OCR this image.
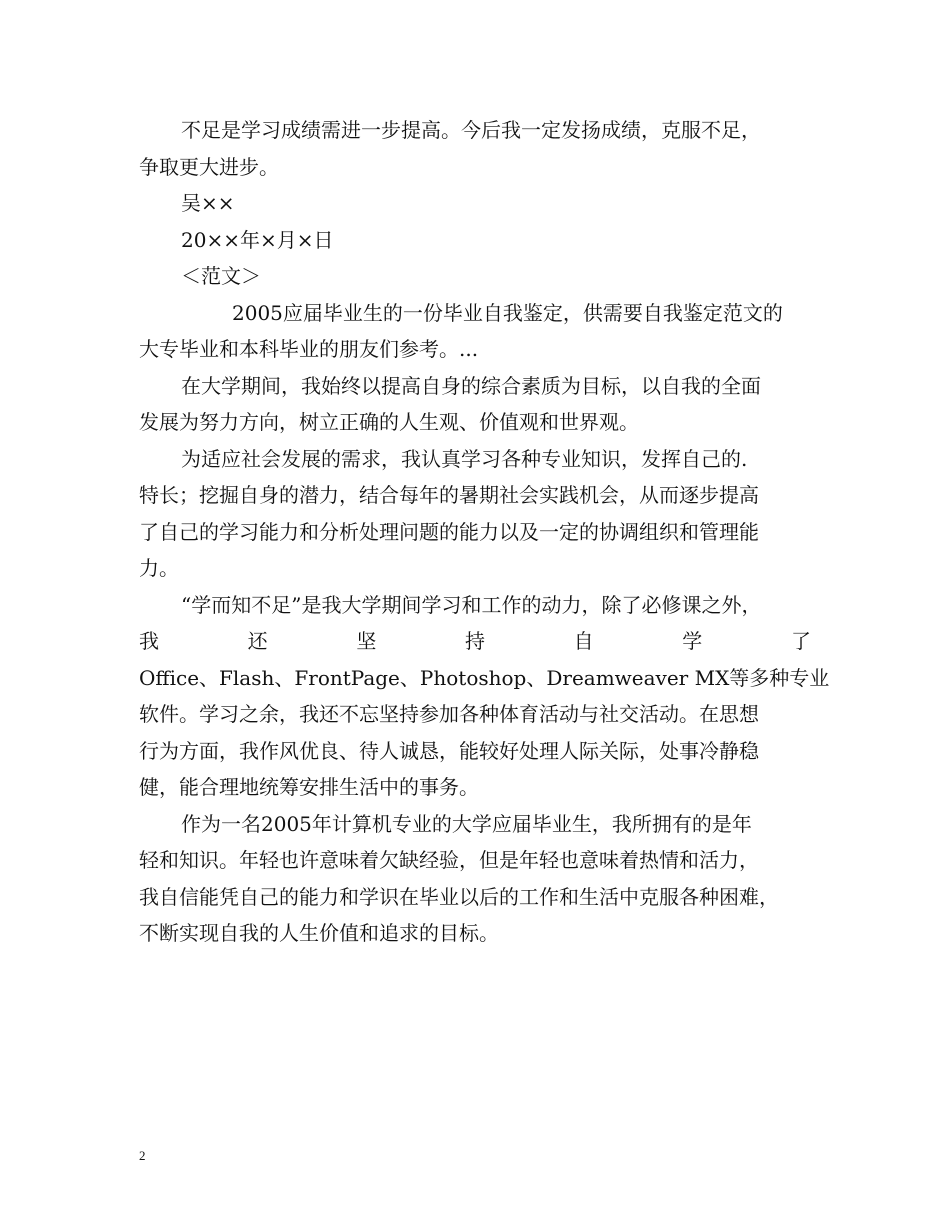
不足是学习成绩需进一步提高。今后我一定发扬成绩，克服不足，
争取更大进步。
吴××
20××年×月×日
＜范文＞
2005应届毕业生的一份毕业自我鉴定，供需要自我鉴定范文的
大专毕业和本科毕业的朋友们参考。...
在大学期间，我始终以提高自身的综合素质为目标，以自我的全面
发展为努力方向，树立正确的人生观、价值观和世界观。
为适应社会发展的需求，我认真学习各种专业知识，发挥自己的.
特长；挖掘自身的潜力，结合每年的暑期社会实践机会，从而逐步提高
了自己的学习能力和分析处理问题的能力以及一定的协调组织和管理能
力。
“学而知不足”是我大学期间学习和工作的动力，除了必修课之外，
我	还	坚	持	自	学	了
Office、Flash、FrontPage、Photoshop、Dreamweaver MX等多种专业
软件。学习之余，我还不忘坚持参加各种体育活动与社交活动。在思想
行为方面，我作风优良、待人诚恳，能较好处理人际关际，处事冷静稳
健，能合理地统筹安排生活中的事务。
作为一名2005年计算机专业的大学应届毕业生，我所拥有的是年
轻和知识。年轻也许意味着欠缺经验，但是年轻也意味着热情和活力，
我自信能凭自己的能力和学识在毕业以后的工作和生活中克服各种困难，
不断实现自我的人生价值和追求的目标。
2
